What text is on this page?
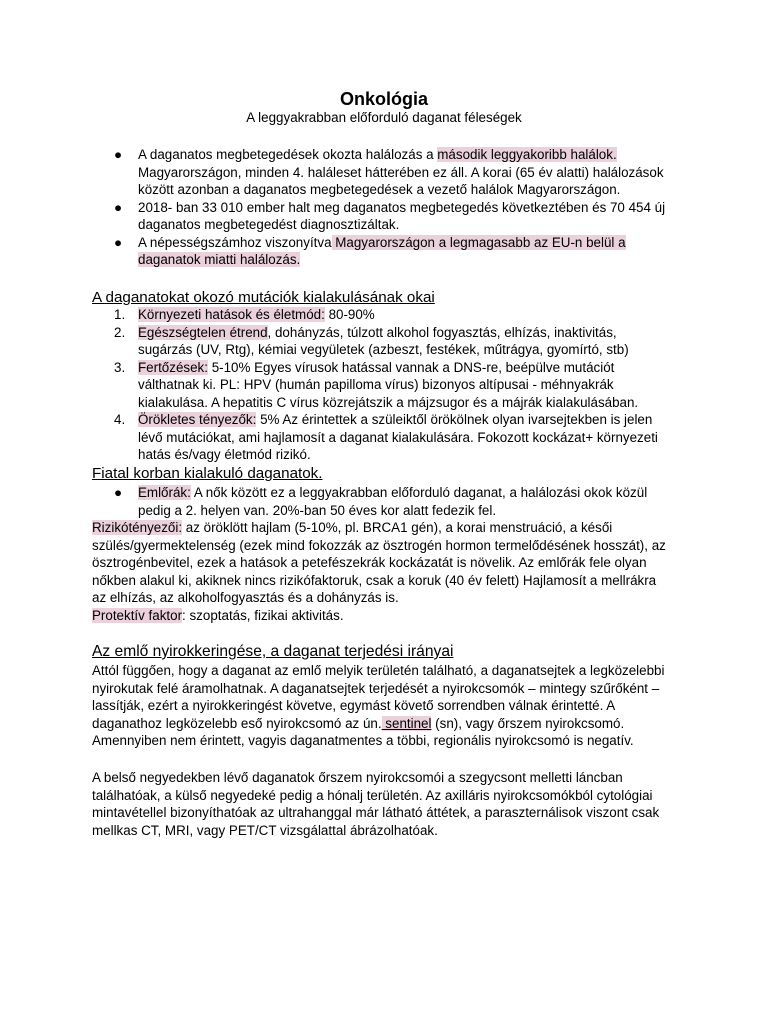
Onkológia
A leggyakrabban előforduló daganat féleségek
● A daganatos megbetegedések okozta halálozás a második leggyakoribb halálok. Magyarországon, minden 4. haláleset hátterében ez áll. A korai (65 év alatti) halálozások között azonban a daganatos megbetegedések a vezető halálok Magyarországon.
● 2018- ban 33 010 ember halt meg daganatos megbetegedés következtében és 70 454 új daganatos megbetegedést diagnosztizáltak.
● A népességszámhoz viszonyítva Magyarországon a legmagasabb az EU-n belül a daganatok miatti halálozás.
A daganatokat okozó mutációk kialakulásának okai
1. Környezeti hatások és életmód: 80-90%
2. Egészségtelen étrend, dohányzás, túlzott alkohol fogyasztás, elhízás, inaktivitás, sugárzás (UV, Rtg), kémiai vegyületek (azbeszt, festékek, műtrágya, gyomírtó, stb)
3. Fertőzések: 5-10% Egyes vírusok hatással vannak a DNS-re, beépülve mutációt válthatnak ki. PL: HPV (humán papilloma vírus) bizonyos altípusai - méhnyakrák kialakulása. A hepatitis C vírus közrejátszik a májzsugor és a májrák kialakulásában.
4. Örökletes tényezők: 5% Az érintettek a szüleiktől örökölnek olyan ivarsejtekben is jelen lévő mutációkat, ami hajlamosít a daganat kialakulására. Fokozott kockázat+ környezeti hatás és/vagy életmód rizikó.
Fiatal korban kialakuló daganatok.
● Emlőrák: A nők között ez a leggyakrabban előforduló daganat, a halálozási okok közül pedig a 2. helyen van. 20%-ban 50 éves kor alatt fedezik fel.

Rizikótényezői: az öröklött hajlam (5-10%, pl. BRCA1 gén), a korai menstruáció, a késői szülés/gyermektelenség (ezek mind fokozzák az ösztrogén hormon termelődésének hosszát), az ösztrogénbevitel, ezek a hatások a petefészekrák kockázatát is növelik. Az emlőrák fele olyan nőkben alakul ki, akiknek nincs rizikófaktoruk, csak a koruk (40 év felett) Hajlamosít a mellrákra az elhízás, az alkoholfogyasztás és a dohányzás is.

Protektív faktor: szoptatás, fizikai aktivitás.

Az emlő nyirokkeringése, a daganat terjedési irányai

Attól függően, hogy a daganat az emlő melyik területén található, a daganatsejtek a legközelebbi nyirokutak felé áramolhatnak. A daganatsejtek terjedését a nyirokcsomók – mintegy szűrőként – lassítják, ezért a nyirokkeringést követve, egymást követő sorrendben válnak érintetté. A daganathoz legközelebb eső nyirokcsomó az ún. sentinel (sn), vagy őrszem nyirokcsomó. Amennyiben nem érintett, vagyis daganatmentes a többi, regionális nyirokcsomó is negatív.

A belső negyedekben lévő daganatok őrszem nyirokcsomói a szegycsont melletti láncban találhatóak, a külső negyedeké pedig a hónalj területén. Az axilláris nyirokcsomókból cytológiai mintavétellel bizonyíthatóak az ultrahanggal már látható áttétek, a paraszternálisok viszont csak mellkas CT, MRI, vagy PET/CT vizsgálattal ábrázolhatóak.
